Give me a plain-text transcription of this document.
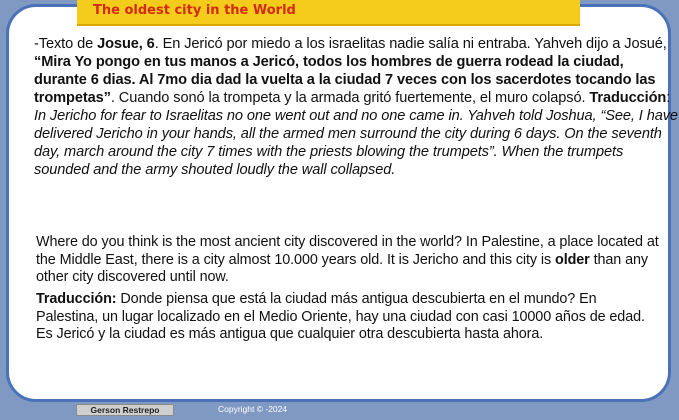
The oldest city in the World

-Texto de Josue, 6. En Jericó por miedo a los israelitas nadie salía ni entraba. Yahveh dijo a Josué, “Mira Yo pongo en tus manos a Jericó, todos los hombres de guerra rodead la ciudad, durante 6 dias. Al 7mo dia dad la vuelta a la ciudad 7 veces con los sacerdotes tocando las trompetas”. Cuando sonó la trompeta y la armada gritó fuertemente, el muro colapsó. Traducción: In Jericho for fear to Israelitas no one went out and no one came in. Yahveh told Joshua, “See, I have delivered Jericho in your hands, all the armed men surround the city during 6 days. On the seventh day, march around the city 7 times with the priests blowing the trumpets”. When the trumpets sounded and the army shouted loudly the wall collapsed.

Where do you think is the most ancient city discovered in the world? In Palestine, a place located at the Middle East, there is a city almost 10.000 years old. It is Jericho and this city is older than any other city discovered until now.

Traducción: Donde piensa que está la ciudad más antigua descubierta en el mundo? En Palestina, un lugar localizado en el Medio Oriente, hay una ciudad con casi 10000 años de edad. Es Jericó y la ciudad es más antigua que cualquier otra descubierta hasta ahora.

Gerson Restrepo	Copyright © -2024
